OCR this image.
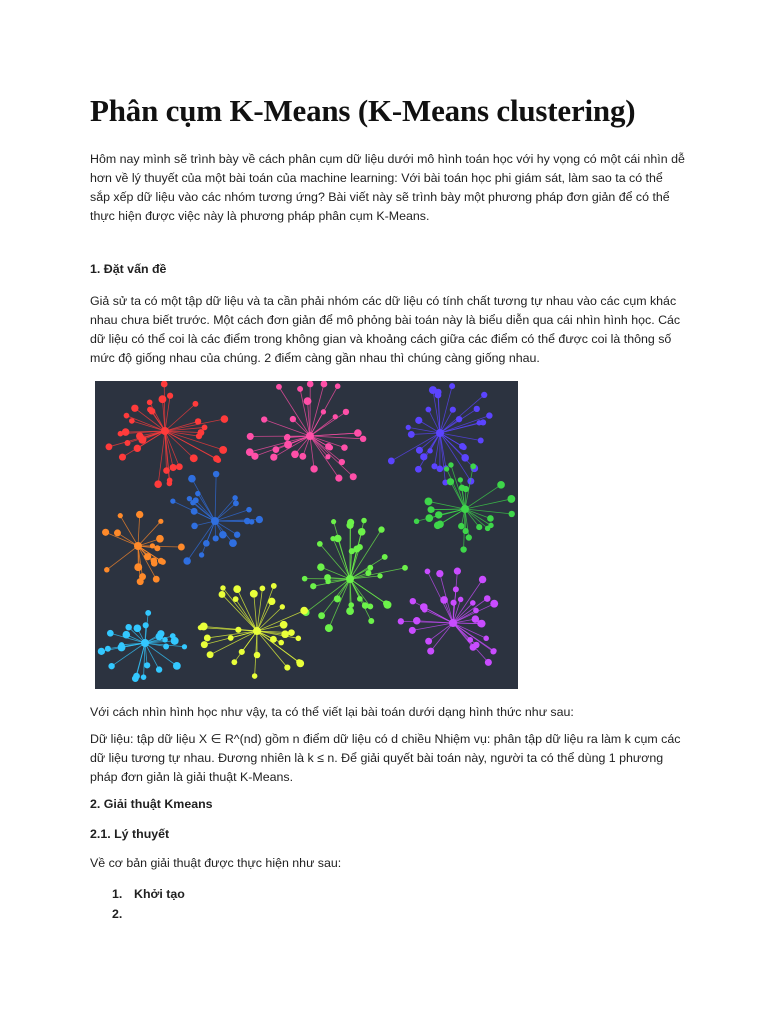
Phân cụm K-Means (K-Means clustering)

Hôm nay mình sẽ trình bày về cách phân cụm dữ liệu dưới mô hình toán học với hy vọng có một cái nhìn dễ hơn về lý thuyết của một bài toán của machine learning: Với bài toán học phi giám sát, làm sao ta có thể sắp xếp dữ liệu vào các nhóm tương ứng? Bài viết này sẽ trình bày một phương pháp đơn giản để có thể thực hiện được việc này là phương pháp phân cụm K-Means.

1. Đặt vấn đề

Giả sử ta có một tập dữ liệu và ta cần phải nhóm các dữ liệu có tính chất tương tự nhau vào các cụm khác nhau chưa biết trước. Một cách đơn giản để mô phỏng bài toán này là biểu diễn qua cái nhìn hình học. Các dữ liệu có thể coi là các điểm trong không gian và khoảng cách giữa các điểm có thể được coi là thông số mức độ giống nhau của chúng. 2 điểm càng gần nhau thì chúng càng giống nhau.

Với cách nhìn hình học như vậy, ta có thể viết lại bài toán dưới dạng hình thức như sau:

Dữ liệu: tập dữ liệu X ∈ R^(nd) gồm n điểm dữ liệu có d chiều Nhiệm vụ: phân tập dữ liệu ra làm k cụm các dữ liệu tương tự nhau. Đương nhiên là k ≤ n. Để giải quyết bài toán này, người ta có thể dùng 1 phương pháp đơn giản là giải thuật K-Means.

2. Giải thuật Kmeans

2.1. Lý thuyết

Về cơ bản giải thuật được thực hiện như sau:

1. Khởi tạo
2.
